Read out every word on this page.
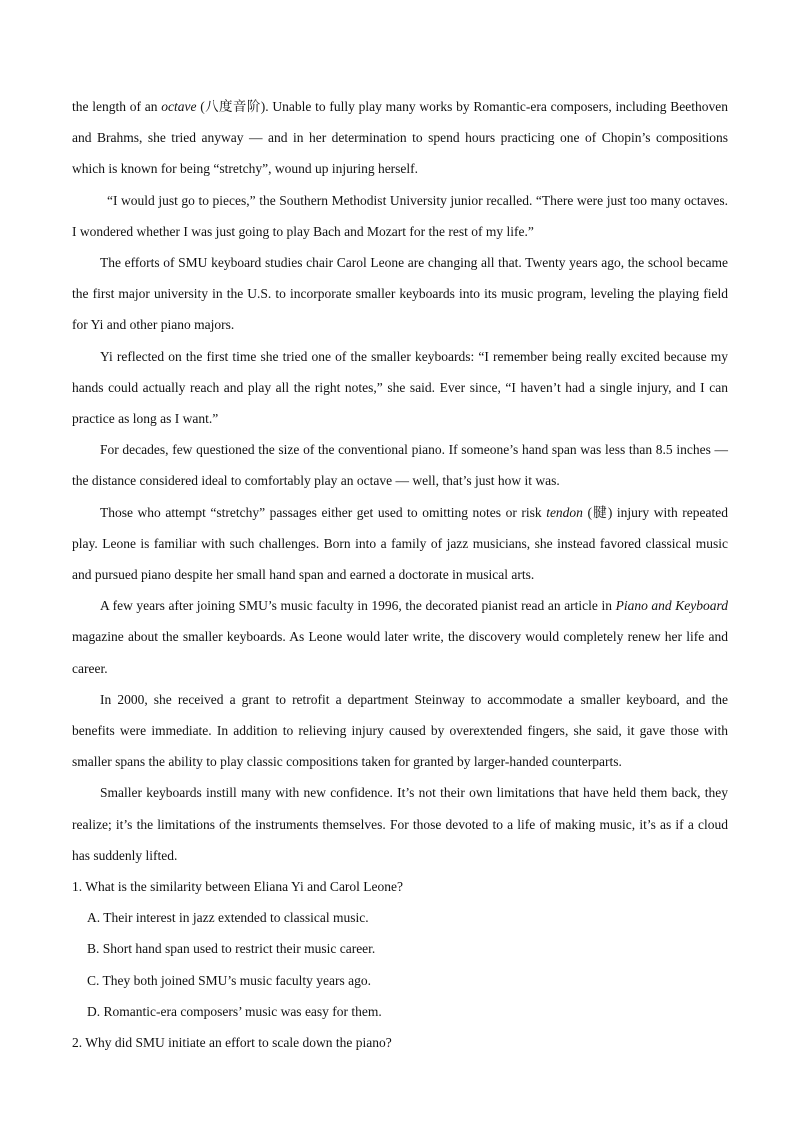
the length of an octave (八度音阶). Unable to fully play many works by Romantic-era composers, including Beethoven and Brahms, she tried anyway — and in her determination to spend hours practicing one of Chopin’s compositions which is known for being “stretchy”, wound up injuring herself.

“I would just go to pieces,” the Southern Methodist University junior recalled. “There were just too many octaves. I wondered whether I was just going to play Bach and Mozart for the rest of my life.”

The efforts of SMU keyboard studies chair Carol Leone are changing all that. Twenty years ago, the school became the first major university in the U.S. to incorporate smaller keyboards into its music program, leveling the playing field for Yi and other piano majors.

Yi reflected on the first time she tried one of the smaller keyboards: “I remember being really excited because my hands could actually reach and play all the right notes,” she said. Ever since, “I haven’t had a single injury, and I can practice as long as I want.”

For decades, few questioned the size of the conventional piano. If someone’s hand span was less than 8.5 inches — the distance considered ideal to comfortably play an octave — well, that’s just how it was.

Those who attempt “stretchy” passages either get used to omitting notes or risk tendon (腱) injury with repeated play. Leone is familiar with such challenges. Born into a family of jazz musicians, she instead favored classical music and pursued piano despite her small hand span and earned a doctorate in musical arts.

A few years after joining SMU’s music faculty in 1996, the decorated pianist read an article in Piano and Keyboard magazine about the smaller keyboards. As Leone would later write, the discovery would completely renew her life and career.

In 2000, she received a grant to retrofit a department Steinway to accommodate a smaller keyboard, and the benefits were immediate. In addition to relieving injury caused by overextended fingers, she said, it gave those with smaller spans the ability to play classic compositions taken for granted by larger-handed counterparts.

Smaller keyboards instill many with new confidence. It’s not their own limitations that have held them back, they realize; it’s the limitations of the instruments themselves. For those devoted to a life of making music, it’s as if a cloud has suddenly lifted.

1. What is the similarity between Eliana Yi and Carol Leone?

A. Their interest in jazz extended to classical music.

B. Short hand span used to restrict their music career.

C. They both joined SMU’s music faculty years ago.

D. Romantic-era composers’ music was easy for them.

2. Why did SMU initiate an effort to scale down the piano?
